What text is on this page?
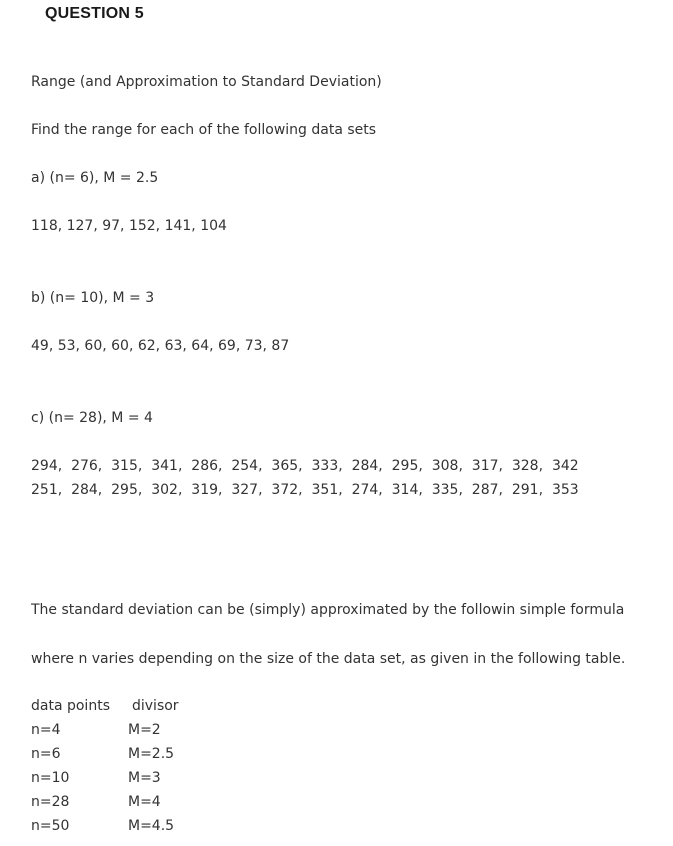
QUESTION 5
Range (and Approximation to Standard Deviation)
Find the range for each of the following data sets
a) (n= 6), M = 2.5
118, 127, 97, 152, 141, 104
b) (n= 10), M = 3
49, 53, 60, 60, 62, 63, 64, 69, 73, 87
c) (n= 28), M = 4
294,  276,  315,  341,  286,  254,  365,  333,  284,  295,  308,  317,  328,  342
251,  284,  295,  302,  319,  327,  372,  351,  274,  314,  335,  287,  291,  353
The standard deviation can be (simply) approximated by the followin simple formula
where n varies depending on the size of the data set, as given in the following table.
data points divisor
n=4	M=2
n=6	M=2.5
n=10	M=3
n=28	M=4
n=50	M=4.5
